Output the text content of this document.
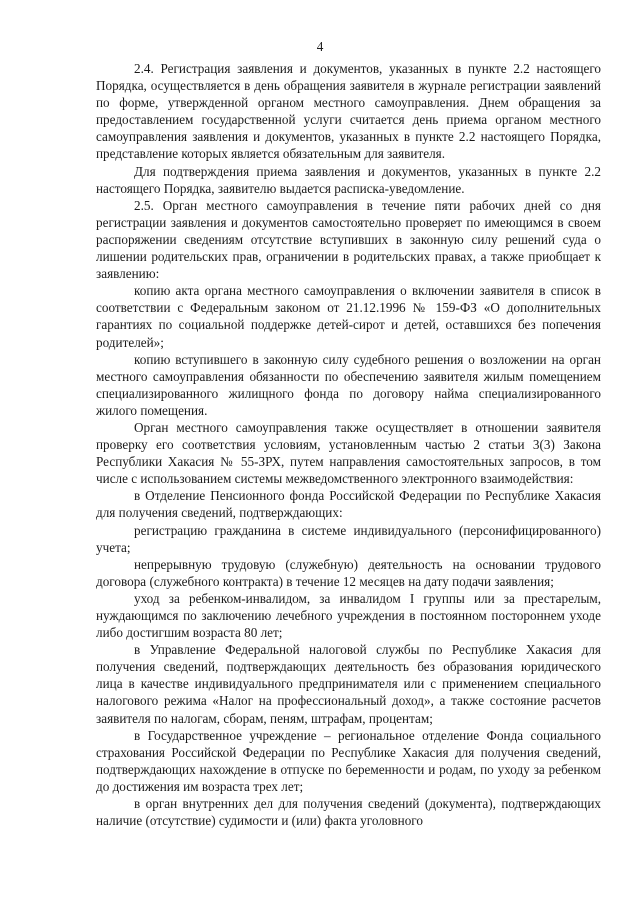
4

2.4. Регистрация заявления и документов, указанных в пункте 2.2 настоящего Порядка, осуществляется в день обращения заявителя в журнале регистрации заявлений по форме, утвержденной органом местного самоуправления. Днем обращения за предоставлением государственной услуги считается день приема органом местного самоуправления заявления и документов, указанных в пункте 2.2 настоящего Порядка, представление которых является обязательным для заявителя.

Для подтверждения приема заявления и документов, указанных в пункте 2.2 настоящего Порядка, заявителю выдается расписка-уведомление.

2.5. Орган местного самоуправления в течение пяти рабочих дней со дня регистрации заявления и документов самостоятельно проверяет по имеющимся в своем распоряжении сведениям отсутствие вступивших в законную силу решений суда о лишении родительских прав, ограничении в родительских правах, а также приобщает к заявлению:

копию акта органа местного самоуправления о включении заявителя в список в соответствии с Федеральным законом от 21.12.1996 № 159-ФЗ «О дополнительных гарантиях по социальной поддержке детей-сирот и детей, оставшихся без попечения родителей»;

копию вступившего в законную силу судебного решения о возложении на орган местного самоуправления обязанности по обеспечению заявителя жилым помещением специализированного жилищного фонда по договору найма специализированного жилого помещения.

Орган местного самоуправления также осуществляет в отношении заявителя проверку его соответствия условиям, установленным частью 2 статьи 3(3) Закона Республики Хакасия № 55-ЗРХ, путем направления самостоятельных запросов, в том числе с использованием системы межведомственного электронного взаимодействия:

в Отделение Пенсионного фонда Российской Федерации по Республике Хакасия для получения сведений, подтверждающих:

регистрацию гражданина в системе индивидуального (персонифицированного) учета;

непрерывную трудовую (служебную) деятельность на основании трудового договора (служебного контракта) в течение 12 месяцев на дату подачи заявления;

уход за ребенком-инвалидом, за инвалидом I группы или за престарелым, нуждающимся по заключению лечебного учреждения в постоянном постороннем уходе либо достигшим возраста 80 лет;

в Управление Федеральной налоговой службы по Республике Хакасия для получения сведений, подтверждающих деятельность без образования юридического лица в качестве индивидуального предпринимателя или с применением специального налогового режима «Налог на профессиональный доход», а также состояние расчетов заявителя по налогам, сборам, пеням, штрафам, процентам;

в Государственное учреждение – региональное отделение Фонда социального страхования Российской Федерации по Республике Хакасия для получения сведений, подтверждающих нахождение в отпуске по беременности и родам, по уходу за ребенком до достижения им возраста трех лет;

в орган внутренних дел для получения сведений (документа), подтверждающих наличие (отсутствие) судимости и (или) факта уголовного
